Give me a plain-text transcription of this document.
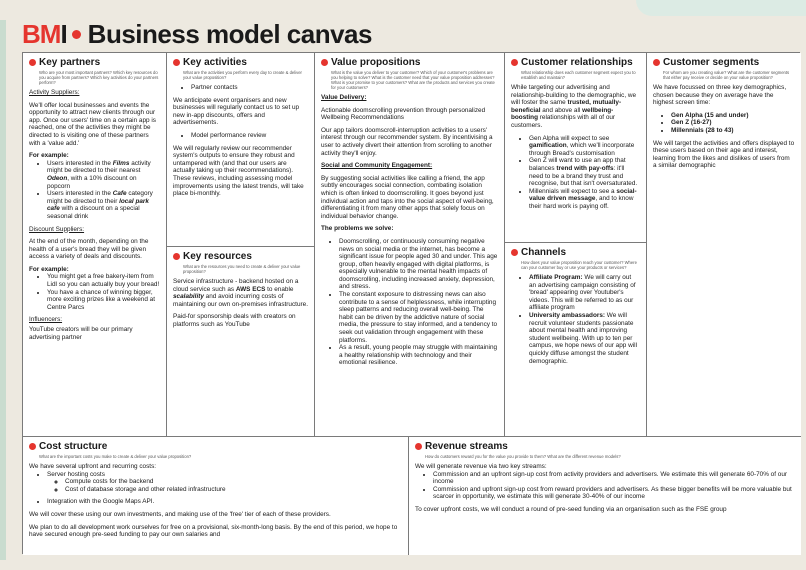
BMI Business model canvas
Key partners
Who are your most important partners? Which key resources do you acquire from partners? Which key activities do your partners perform?

Activity Suppliers:

We'll offer local businesses and events the opportunity to attract new clients through our app. Once our users' time on a certain app is reached, one of the activities they might be directed to is visiting one of these partners with a 'value add.'

For example:

• Users interested in the Films activity might be directed to their nearest Odeon, with a 10% discount on popcorn
• Users interested in the Cafe category might be directed to their local park cafe with a discount on a special seasonal drink

Discount Suppliers:

At the end of the month, depending on the health of a user's bread they will be given access a variety of deals and discounts.

For example:

• You might get a free bakery-item from Lidl so you can actually buy your bread!
• You have a chance of winning bigger, more exciting prizes like a weekend at Centre Parcs

Influencers:

YouTube creators will be our primary advertising partner

Key activities
What are the activities you perform every day to create & deliver your value proposition?
• Partner contacts

We anticipate event organisers and new businesses will regularly contact us to set up new in-app discounts, offers and advertisements.

• Model performance review

We will regularly review our recommender system's outputs to ensure they robust and untampered with (and that our users are actually taking up their recommendations). These reviews, including assessing model improvements using the latest trends, will take place bi-monthly.

Key resources
What are the resources you need to create & deliver your value proposition?

Service infrastructure - backend hosted on a cloud service such as AWS ECS to enable scalability and avoid incurring costs of maintaining our own on-premises infrastructure.

Paid-for sponsorship deals with creators on platforms such as YouTube

Value propositions
What is the value you deliver to your customer? Which of your customer's problems are you helping to solve? What is the customer need that your value proposition addresses? What is your promise to your customers? What are the products and services you create for your customers?

Value Delivery:

Actionable doomscrolling prevention through personalized Wellbeing Recommendations

Our app tailors doomscroll-interruption activities to a users' interest through our recommender system. By incentivising a user to actively divert their attention from scrolling to another activity they'll enjoy.

Social and Community Engagement:

By suggesting social activities like calling a friend, the app subtly encourages social connection, combating isolation which is often linked to doomscrolling. It goes beyond just individual action and taps into the social aspect of well-being, differentiating it from many other apps that solely focus on individual behavior change.

The problems we solve:

• Doomscrolling, or continuously consuming negative news on social media or the internet, has become a significant issue for people aged 30 and under. This age group, often heavily engaged with digital platforms, is especially vulnerable to the mental health impacts of doomscrolling, including increased anxiety, depression, and stress.
• The constant exposure to distressing news can also contribute to a sense of helplessness, while interrupting sleep patterns and reducing overall well-being. The habit can be driven by the addictive nature of social media, the pressure to stay informed, and a tendency to seek out validation through engagement with these platforms.
• As a result, young people may struggle with maintaining a healthy relationship with technology and their emotional resilience.
Customer relationships
What relationship does each customer segment expect you to establish and maintain?

While targeting our advertising and relationship-building to the demographic, we will foster the same trusted, mutually-beneficial and above all wellbeing-boosting relationships with all of our customers.

• Gen Alpha will expect to see gamification, which we'll incorporate through Bread's customisation
• Gen Z will want to use an app that balances trend with pay-offs: it'll need to be a brand they trust and recognise, but that isn't oversaturated.
• Millennials will expect to see a social-value driven message, and to know their hard work is paying off.
Channels
How does your value proposition reach your customer? Where can your customer buy or use your products or services?
• Affiliate Program: We will carry out an advertising campaign consisting of 'bread' appearing over Youtuber's videos. This will be referred to as our affiliate program
• University ambassadors: We will recruit volunteer students passionate about mental health and improving student wellbeing. With up to ten per campus, we hope news of our app will quickly diffuse amongst the student demographic.
Customer segments
For whom are you creating value? What are the customer segments that either pay receive or decide on your value proposition?

We have focussed on three key demographics, chosen because they on average have the highest screen time:

• Gen Alpha (15 and under)
• Gen Z (16-27)
• Millennials (28 to 43)

We will target the activities and offers displayed to these users based on their age and interest, learning from the likes and dislikes of users from a similar demographic

Cost structure
What are the important costs you make to create & deliver your value proposition?

We have several upfront and recurring costs:

• Server hosting costs
◦ Compute costs for the backend
◦ Cost of database storage and other related infrastructure
• Integration with the Google Maps API.

We will cover these using our own investments, and making use of the 'free' tier of each of these providers.

We plan to do all development work ourselves for free on a provisional, six-month-long basis. By the end of this period, we hope to have secured enough pre-seed funding to pay our own salaries and

Revenue streams
How do customers reward you for the value you provide to them? What are the different revenue models?

We will generate revenue via two key streams:

• Commission and an upfront sign-up cost from activity providers and advertisers. We estimate this will generate 60-70% of our income
• Commission and upfront sign-up cost from reward providers and advertisers. As these bigger benefits will be more valuable but scarcer in opportunity, we estimate this will generate 30-40% of our income

To cover upfront costs, we will conduct a round of pre-seed funding via an organisation such as the FSE group
